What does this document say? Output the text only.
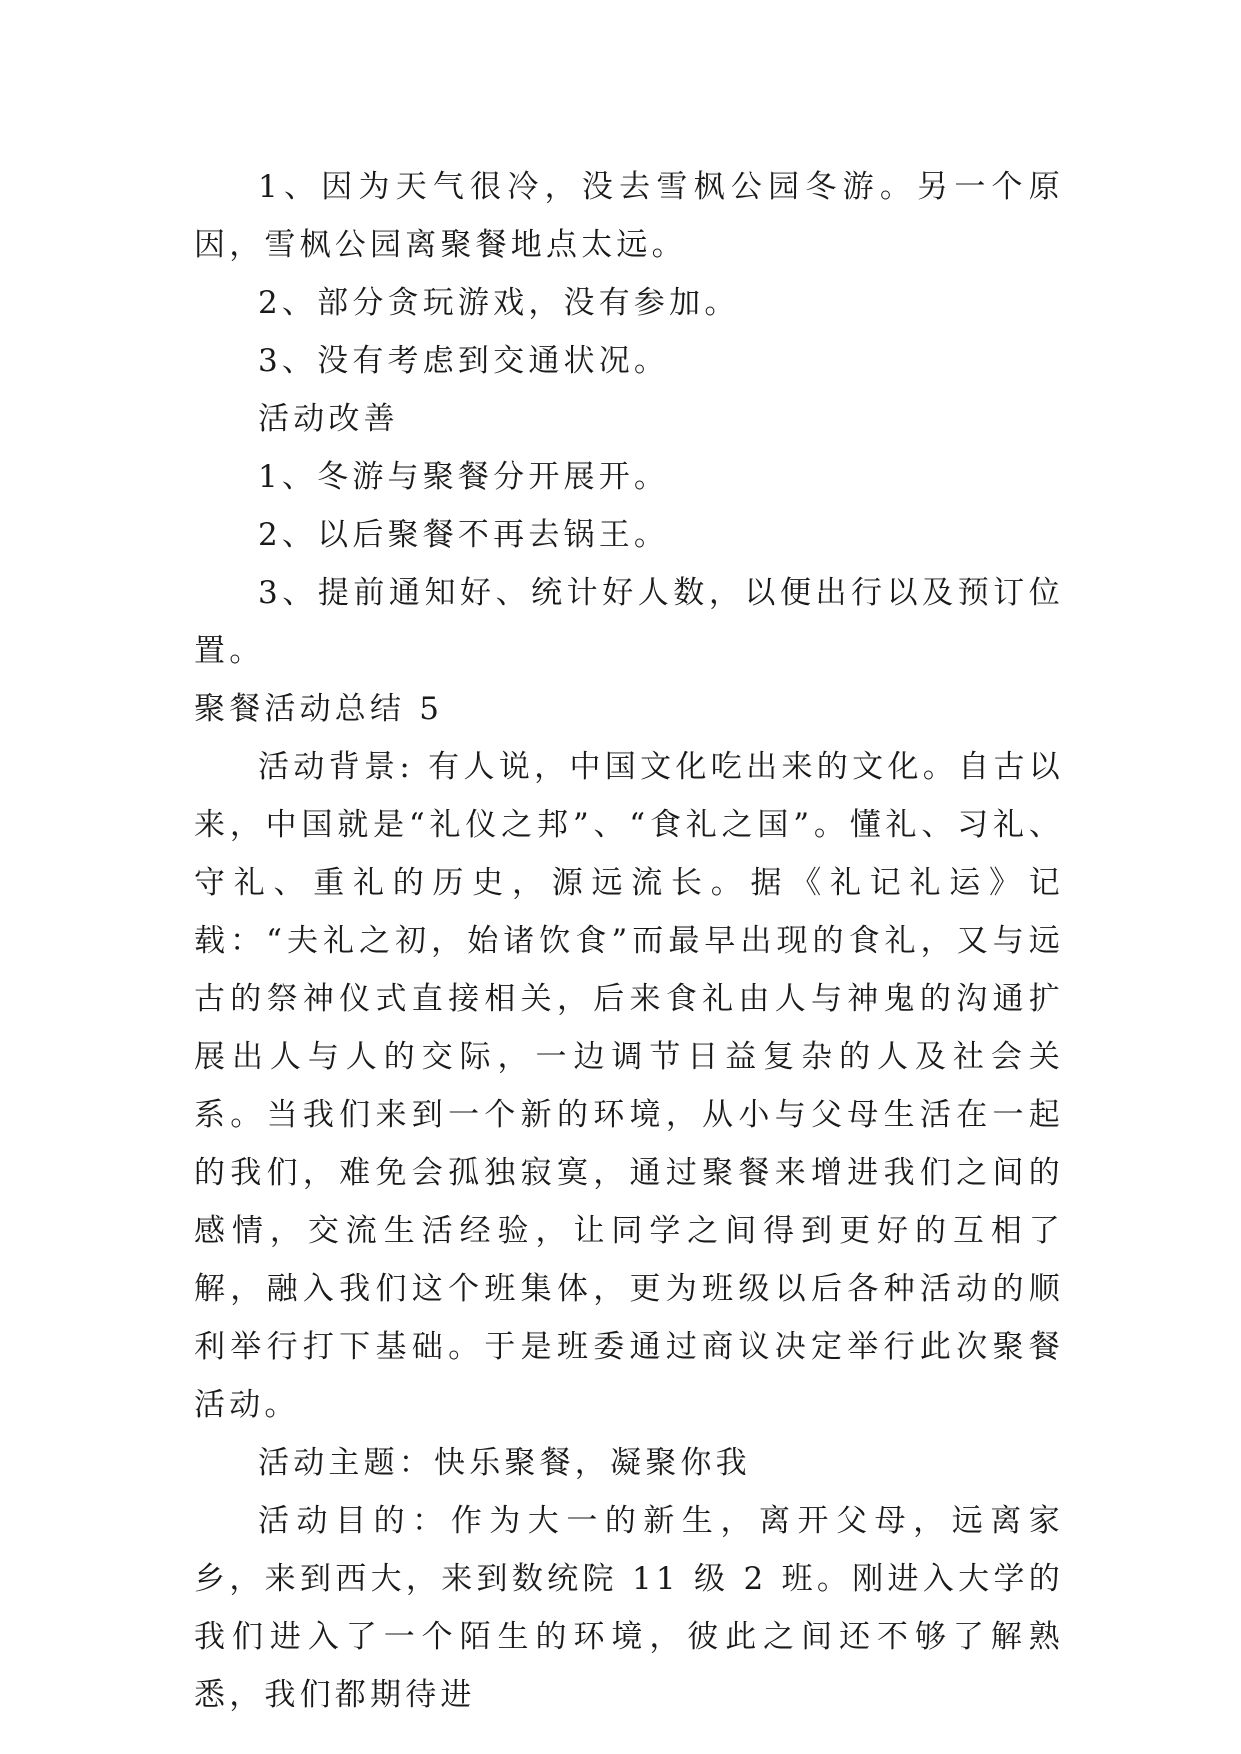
1、因为天气很冷，没去雪枫公园冬游。另一个原因，雪枫公园离聚餐地点太远。

2、部分贪玩游戏，没有参加。

3、没有考虑到交通状况。

活动改善

1、冬游与聚餐分开展开。

2、以后聚餐不再去锅王。

3、提前通知好、统计好人数，以便出行以及预订位置。

聚餐活动总结 5

活动背景: 有人说，中国文化吃出来的文化。自古以来，中国就是“礼仪之邦”、“食礼之国”。懂礼、习礼、守礼、重礼的历史，源远流长。据《礼记礼运》记载：“夫礼之初，始诸饮食”而最早出现的食礼，又与远古的祭神仪式直接相关，后来食礼由人与神鬼的沟通扩展出人与人的交际，一边调节日益复杂的人及社会关系。当我们来到一个新的环境，从小与父母生活在一起的我们，难免会孤独寂寞，通过聚餐来增进我们之间的感情，交流生活经验，让同学之间得到更好的互相了解，融入我们这个班集体，更为班级以后各种活动的顺利举行打下基础。于是班委通过商议决定举行此次聚餐活动。

活动主题：快乐聚餐，凝聚你我

活动目的：作为大一的新生，离开父母，远离家乡，来到西大，来到数统院 11 级 2 班。刚进入大学的我们进入了一个陌生的环境，彼此之间还不够了解熟悉，我们都期待进
